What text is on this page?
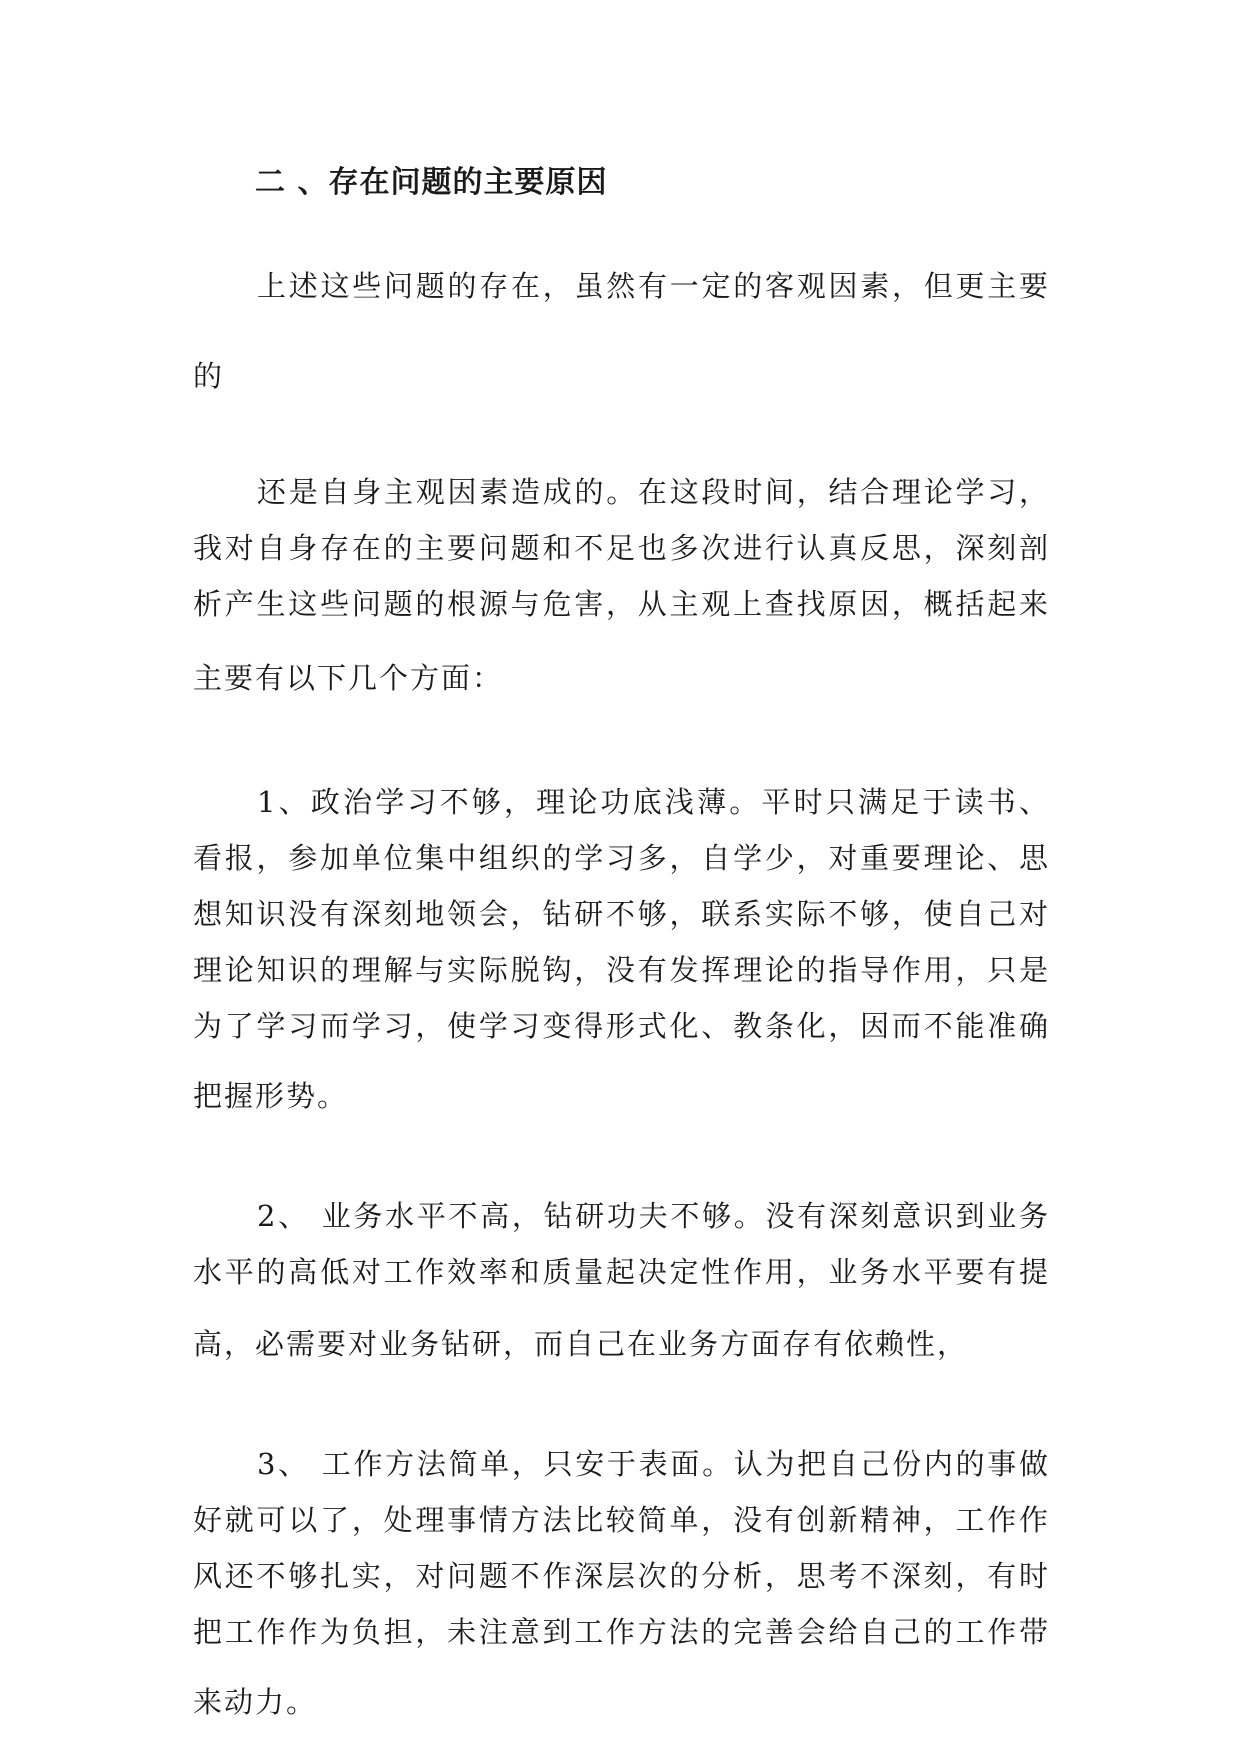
二 、存在问题的主要原因
上述这些问题的存在，虽然有一定的客观因素，但更主要
的
还是自身主观因素造成的。在这段时间，结合理论学习，
我对自身存在的主要问题和不足也多次进行认真反思，深刻剖
析产生这些问题的根源与危害，从主观上查找原因，概括起来
主要有以下几个方面：
1、政治学习不够，理论功底浅薄。平时只满足于读书、
看报，参加单位集中组织的学习多，自学少，对重要理论、思
想知识没有深刻地领会，钻研不够，联系实际不够，使自己对
理论知识的理解与实际脱钩，没有发挥理论的指导作用，只是
为了学习而学习，使学习变得形式化、教条化，因而不能准确
把握形势。
2、 业务水平不高，钻研功夫不够。没有深刻意识到业务
水平的高低对工作效率和质量起决定性作用，业务水平要有提
高，必需要对业务钻研，而自己在业务方面存有依赖性，
3、 工作方法简单，只安于表面。认为把自己份内的事做
好就可以了，处理事情方法比较简单，没有创新精神，工作作
风还不够扎实，对问题不作深层次的分析，思考不深刻，有时
把工作作为负担，未注意到工作方法的完善会给自己的工作带
来动力。
